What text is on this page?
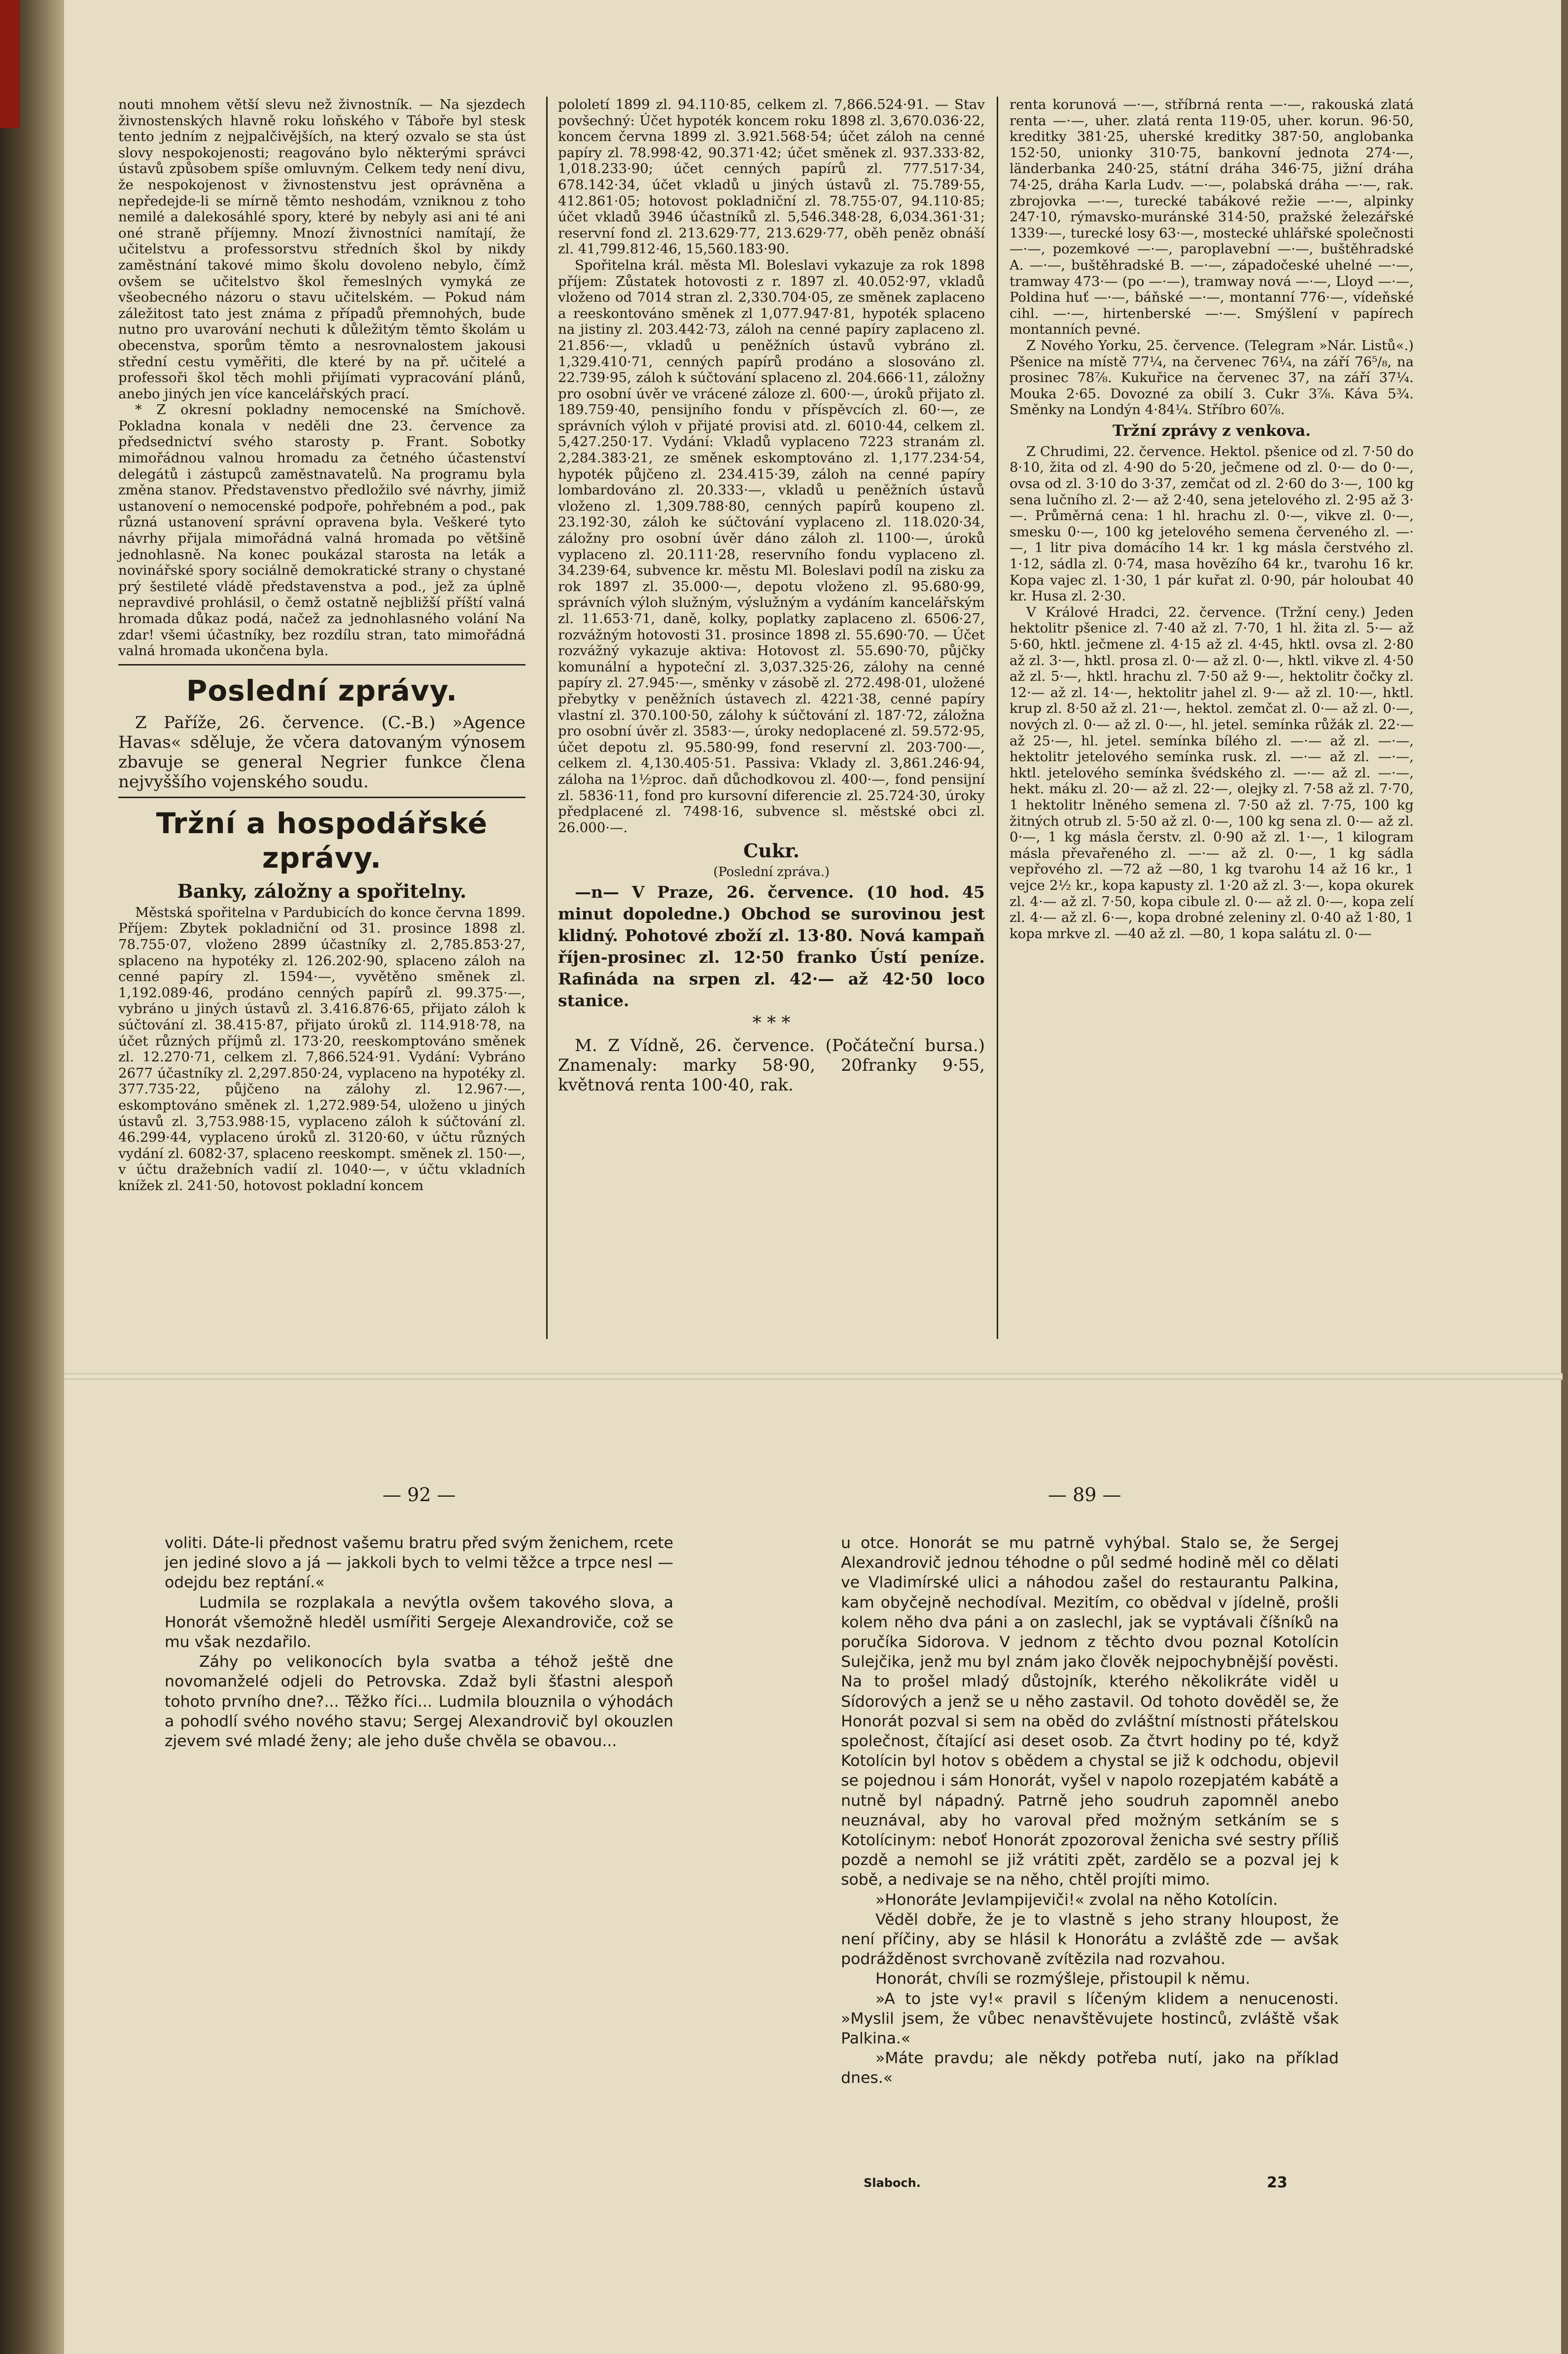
nouti mnohem větší slevu než živnostník. — Na sjezdech živnostenských hlavně roku loňského v Táboře byl stesk tento jedním z nejpalčivějších, na který ozvalo se sta úst slovy nespokojenosti; reagováno bylo některými správci ústavů způsobem spíše omluvným. Celkem tedy není divu, že nespokojenost v živnostenstvu jest oprávněna a nepředejde-li se mírně těmto neshodám, vzniknou z toho nemilé a dalekosáhlé spory, které by nebyly asi ani té ani oné straně příjemny. Mnozí živnostníci namítají, že učitelstvu a professorstvu středních škol by nikdy zaměstnání takové mimo školu dovoleno nebylo, čímž ovšem se učitelstvo škol řemeslných vymyká ze všeobecného názoru o stavu učitelském. — Pokud nám záležitost tato jest známa z případů přemnohých, bude nutno pro uvarování nechuti k důležitým těmto školám u obecenstva, sporům těmto a nesrovnalostem jakousi střední cestu vyměřiti, dle které by na př. učitelé a professoři škol těch mohli přijímati vypracování plánů, anebo jiných jen více kancelářských prací.

* Z okresní pokladny nemocenské na Smíchově. Pokladna konala v neděli dne 23. července za předsednictví svého starosty p. Frant. Sobotky mimořádnou valnou hromadu za četného účastenství delegátů i zástupců zaměstnavatelů. Na programu byla změna stanov. Představenstvo předložilo své návrhy, jimiž ustanovení o nemocenské podpoře, pohřebném a pod., pak různá ustanovení správní opravena byla. Veškeré tyto návrhy přijala mimořádná valná hromada po většině jednohlasně. Na konec poukázal starosta na leták a novinářské spory sociálně demokratické strany o chystané prý šestileté vládě představenstva a pod., jež za úplně nepravdivé prohlásil, o čemž ostatně nejbližší příští valná hromada důkaz podá, načež za jednohlasného volání Na zdar! všemi účastníky, bez rozdílu stran, tato mimořádná valná hromada ukončena byla.

Poslední zprávy.

Z Paříže, 26. července. (C.-B.) »Agence Havas« sděluje, že včera datovaným výnosem zbavuje se general Negrier funkce člena nejvyššího vojenského soudu.

Tržní a hospodářské zprávy.
Banky, záložny a spořitelny.

Městská spořitelna v Pardubicích do konce června 1899. Příjem: Zbytek pokladniční od 31. prosince 1898 zl. 78.755·07, vloženo 2899 účastníky zl. 2,785.853·27, splaceno na hypotéky zl. 126.202·90, splaceno záloh na cenné papíry zl. 1594·—, vyvětěno směnek zl. 1,192.089·46, prodáno cenných papírů zl. 99.375·—, vybráno u jiných ústavů zl. 3.416.876·65, přijato záloh k súčtování zl. 38.415·87, přijato úroků zl. 114.918·78, na účet různých příjmů zl. 173·20, reeskomptováno směnek zl. 12.270·71, celkem zl. 7,866.524·91. Vydání: Vybráno 2677 účastníky zl. 2,297.850·24, vyplaceno na hypotéky zl. 377.735·22, půjčeno na zálohy zl. 12.967·—, eskomptováno směnek zl. 1,272.989·54, uloženo u jiných ústavů zl. 3,753.988·15, vyplaceno záloh k súčtování zl. 46.299·44, vyplaceno úroků zl. 3120·60, v účtu různých vydání zl. 6082·37, splaceno reeskompt. směnek zl. 150·—, v účtu dražebních vadií zl. 1040·—, v účtu vkladních knížek zl. 241·50, hotovost pokladní koncem

pololetí 1899 zl. 94.110·85, celkem zl. 7,866.524·91. — Stav povšechný: Účet hypoték koncem roku 1898 zl. 3,670.036·22, koncem června 1899 zl. 3.921.568·54; účet záloh na cenné papíry zl. 78.998·42, 90.371·42; účet směnek zl. 937.333·82, 1,018.233·90; účet cenných papírů zl. 777.517·34, 678.142·34, účet vkladů u jiných ústavů zl. 75.789·55, 412.861·05; hotovost pokladniční zl. 78.755·07, 94.110·85; účet vkladů 3946 účastníků zl. 5,546.348·28, 6,034.361·31; reservní fond zl. 213.629·77, 213.629·77, oběh peněz obnáší zl. 41,799.812·46, 15,560.183·90.

Spořitelna král. města Ml. Boleslavi vykazuje za rok 1898 příjem: Zůstatek hotovosti z r. 1897 zl. 40.052·97, vkladů vloženo od 7014 stran zl. 2,330.704·05, ze směnek zaplaceno a reeskontováno směnek zl 1,077.947·81, hypoték splaceno na jistiny zl. 203.442·73, záloh na cenné papíry zaplaceno zl. 21.856·—, vkladů u peněžních ústavů vybráno zl. 1,329.410·71, cenných papírů prodáno a slosováno zl. 22.739·95, záloh k súčtování splaceno zl. 204.666·11, záložny pro osobní úvěr ve vrácené záloze zl. 600·—, úroků přijato zl. 189.759·40, pensijního fondu v příspěvcích zl. 60·—, ze správních výloh v přijaté provisi atd. zl. 6010·44, celkem zl. 5,427.250·17. Vydání: Vkladů vyplaceno 7223 stranám zl. 2,284.383·21, ze směnek eskomptováno zl. 1,177.234·54, hypoték půjčeno zl. 234.415·39, záloh na cenné papíry lombardováno zl. 20.333·—, vkladů u peněžních ústavů vloženo zl. 1,309.788·80, cenných papírů koupeno zl. 23.192·30, záloh ke súčtování vyplaceno zl. 118.020·34, záložny pro osobní úvěr dáno záloh zl. 1100·—, úroků vyplaceno zl. 20.111·28, reservního fondu vyplaceno zl. 34.239·64, subvence kr. městu Ml. Boleslavi podíl na zisku za rok 1897 zl. 35.000·—, depotu vloženo zl. 95.680·99, správních výloh služným, výslužným a vydáním kancelářským zl. 11.653·71, daně, kolky, poplatky zaplaceno zl. 6506·27, rozvážným hotovosti 31. prosince 1898 zl. 55.690·70. — Účet rozvážný vykazuje aktiva: Hotovost zl. 55.690·70, půjčky komunální a hypoteční zl. 3,037.325·26, zálohy na cenné papíry zl. 27.945·—, směnky v zásobě zl. 272.498·01, uložené přebytky v peněžních ústavech zl. 4221·38, cenné papíry vlastní zl. 370.100·50, zálohy k súčtování zl. 187·72, záložna pro osobní úvěr zl. 3583·—, úroky nedoplacené zl. 59.572·95, účet depotu zl. 95.580·99, fond reservní zl. 203·700·—, celkem zl. 4,130.405·51. Passiva: Vklady zl. 3,861.246·94, záloha na 1½proc. daň důchodkovou zl. 400·—, fond pensijní zl. 5836·11, fond pro kursovní diferencie zl. 25.724·30, úroky předplacené zl. 7498·16, subvence sl. městské obci zl. 26.000·—.

Cukr.
(Poslední zpráva.)

—n— V Praze, 26. července. (10 hod. 45 minut dopoledne.) Obchod se surovinou jest klidný. Pohotové zboží zl. 13·80. Nová kampaň říjen-prosinec zl. 12·50 franko Ústí peníze. Rafináda na srpen zl. 42·— až 42·50 loco stanice.

* * *

M. Z Vídně, 26. července. (Počáteční bursa.) Znamenaly: marky 58·90, 20franky 9·55, květnová renta 100·40, rak.

renta korunová —·—, stříbrná renta —·—, rakouská zlatá renta —·—, uher. zlatá renta 119·05, uher. korun. 96·50, kreditky 381·25, uherské kreditky 387·50, anglobanka 152·50, unionky 310·75, bankovní jednota 274·—, länderbanka 240·25, státní dráha 346·75, jižní dráha 74·25, dráha Karla Ludv. —·—, polabská dráha —·—, rak. zbrojovka —·—, turecké tabákové režie —·—, alpinky 247·10, rýmavsko-muránské 314·50, pražské železářské 1339·—, turecké losy 63·—, mostecké uhlářské společnosti —·—, pozemkové —·—, paroplavební —·—, buštěhradské A. —·—, buštěhradské B. —·—, západočeské uhelné —·—, tramway 473·— (po —·—), tramway nová —·—, Lloyd —·—, Poldina huť —·—, báňské —·—, montanní 776·—, vídeňské cihl. —·—, hirtenberské —·—. Smýšlení v papírech montanních pevné.

Z Nového Yorku, 25. července. (Telegram »Nár. Listů«.) Pšenice na místě 77¼, na červenec 76¼, na září 76⁵/₈, na prosinec 78⅞. Kukuřice na červenec 37, na září 37¼. Mouka 2·65. Dovozné za obilí 3. Cukr 3⅞. Káva 5¾. Směnky na Londýn 4·84¼. Stříbro 60⅞.

Tržní zprávy z venkova.

Z Chrudimi, 22. července. Hektol. pšenice od zl. 7·50 do 8·10, žita od zl. 4·90 do 5·20, ječmene od zl. 0·— do 0·—, ovsa od zl. 3·10 do 3·37, zemčat od zl. 2·60 do 3·—, 100 kg sena lučního zl. 2·— až 2·40, sena jetelového zl. 2·95 až 3·—. Průměrná cena: 1 hl. hrachu zl. 0·—, vikve zl. 0·—, smesku 0·—, 100 kg jetelového semena červeného zl. —·—, 1 litr piva domácího 14 kr. 1 kg másla čerstvého zl. 1·12, sádla zl. 0·74, masa hovězího 64 kr., tvarohu 16 kr. Kopa vajec zl. 1·30, 1 pár kuřat zl. 0·90, pár holoubat 40 kr. Husa zl. 2·30.

V Králové Hradci, 22. července. (Tržní ceny.) Jeden hektolitr pšenice zl. 7·40 až zl. 7·70, 1 hl. žita zl. 5·— až 5·60, hktl. ječmene zl. 4·15 až zl. 4·45, hktl. ovsa zl. 2·80 až zl. 3·—, hktl. prosa zl. 0·— až zl. 0·—, hktl. vikve zl. 4·50 až zl. 5·—, hktl. hrachu zl. 7·50 až 9·—, hektolitr čočky zl. 12·— až zl. 14·—, hektolitr jahel zl. 9·— až zl. 10·—, hktl. krup zl. 8·50 až zl. 21·—, hektol. zemčat zl. 0·— až zl. 0·—, nových zl. 0·— až zl. 0·—, hl. jetel. semínka růžák zl. 22·— až 25·—, hl. jetel. semínka bílého zl. —·— až zl. —·—, hektolitr jetelového semínka rusk. zl. —·— až zl. —·—, hktl. jetelového semínka švédského zl. —·— až zl. —·—, hekt. máku zl. 20·— až zl. 22·—, olejky zl. 7·58 až zl. 7·70, 1 hektolitr lněného semena zl. 7·50 až zl. 7·75, 100 kg žitných otrub zl. 5·50 až zl. 0·—, 100 kg sena zl. 0·— až zl. 0·—, 1 kg másla čerstv. zl. 0·90 až zl. 1·—, 1 kilogram másla převařeného zl. —·— až zl. 0·—, 1 kg sádla vepřového zl. —72 až —80, 1 kg tvarohu 14 až 16 kr., 1 vejce 2½ kr., kopa kapusty zl. 1·20 až zl. 3·—, kopa okurek zl. 4·— až zl. 7·50, kopa cibule zl. 0·— až zl. 0·—, kopa zelí zl. 4·— až zl. 6·—, kopa drobné zeleniny zl. 0·40 až 1·80, 1 kopa mrkve zl. —40 až zl. —80, 1 kopa salátu zl. 0·—

— 92 —	— 89 —

voliti. Dáte-li přednost vašemu bratru před svým ženichem, rcete jen jediné slovo a já — jakkoli bych to velmi těžce a trpce nesl — odejdu bez reptání.«

Ludmila se rozplakala a nevýtla ovšem takového slova, a Honorát všemožně hleděl usmířiti Sergeje Alexandroviče, což se mu však nezdařilo.

Záhy po velikonocích byla svatba a téhož ještě dne novomanželé odjeli do Petrovska. Zdaž byli šťastni alespoň tohoto prvního dne?... Těžko říci... Ludmila blouznila o výhodách a pohodlí svého nového stavu; Sergej Alexandrovič byl okouzlen zjevem své mladé ženy; ale jeho duše chvěla se obavou...

u otce. Honorát se mu patrně vyhýbal. Stalo se, že Sergej Alexandrovič jednou téhodne o půl sedmé hodině měl co dělati ve Vladimírské ulici a náhodou zašel do restaurantu Palkina, kam obyčejně nechodíval. Mezitím, co obědval v jídelně, prošli kolem něho dva páni a on zaslechl, jak se vyptávali číšníků na poručíka Sidorova. V jednom z těchto dvou poznal Kotolícin Sulejčika, jenž mu byl znám jako člověk nejpochybnější pověsti. Na to prošel mladý důstojník, kterého několikráte viděl u Sídorových a jenž se u něho zastavil. Od tohoto dověděl se, že Honorát pozval si sem na oběd do zvláštní místnosti přátelskou společnost, čítající asi deset osob. Za čtvrt hodiny po té, když Kotolícin byl hotov s obědem a chystal se již k odchodu, objevil se pojednou i sám Honorát, vyšel v napolo rozepjatém kabátě a nutně byl nápadný. Patrně jeho soudruh zapomněl anebo neuznával, aby ho varoval před možným setkáním se s Kotolícinym: neboť Honorát zpozoroval ženicha své sestry příliš pozdě a nemohl se již vrátiti zpět, zardělo se a pozval jej k sobě, a nedivaje se na něho, chtěl projíti mimo.

»Honoráte Jevlampijeviči!« zvolal na něho Kotolícin.

Věděl dobře, že je to vlastně s jeho strany hloupost, že není příčiny, aby se hlásil k Honorátu a zvláště zde — avšak podrážděnost svrchovaně zvítězila nad rozvahou.

Honorát, chvíli se rozmýšleje, přistoupil k němu.

»A to jste vy!« pravil s líčeným klidem a nenucenosti. »Myslil jsem, že vůbec nenavštěvujete hostinců, zvláště však Palkina.«

»Máte pravdu; ale někdy potřeba nutí, jako na příklad dnes.«

Slaboch.	23
